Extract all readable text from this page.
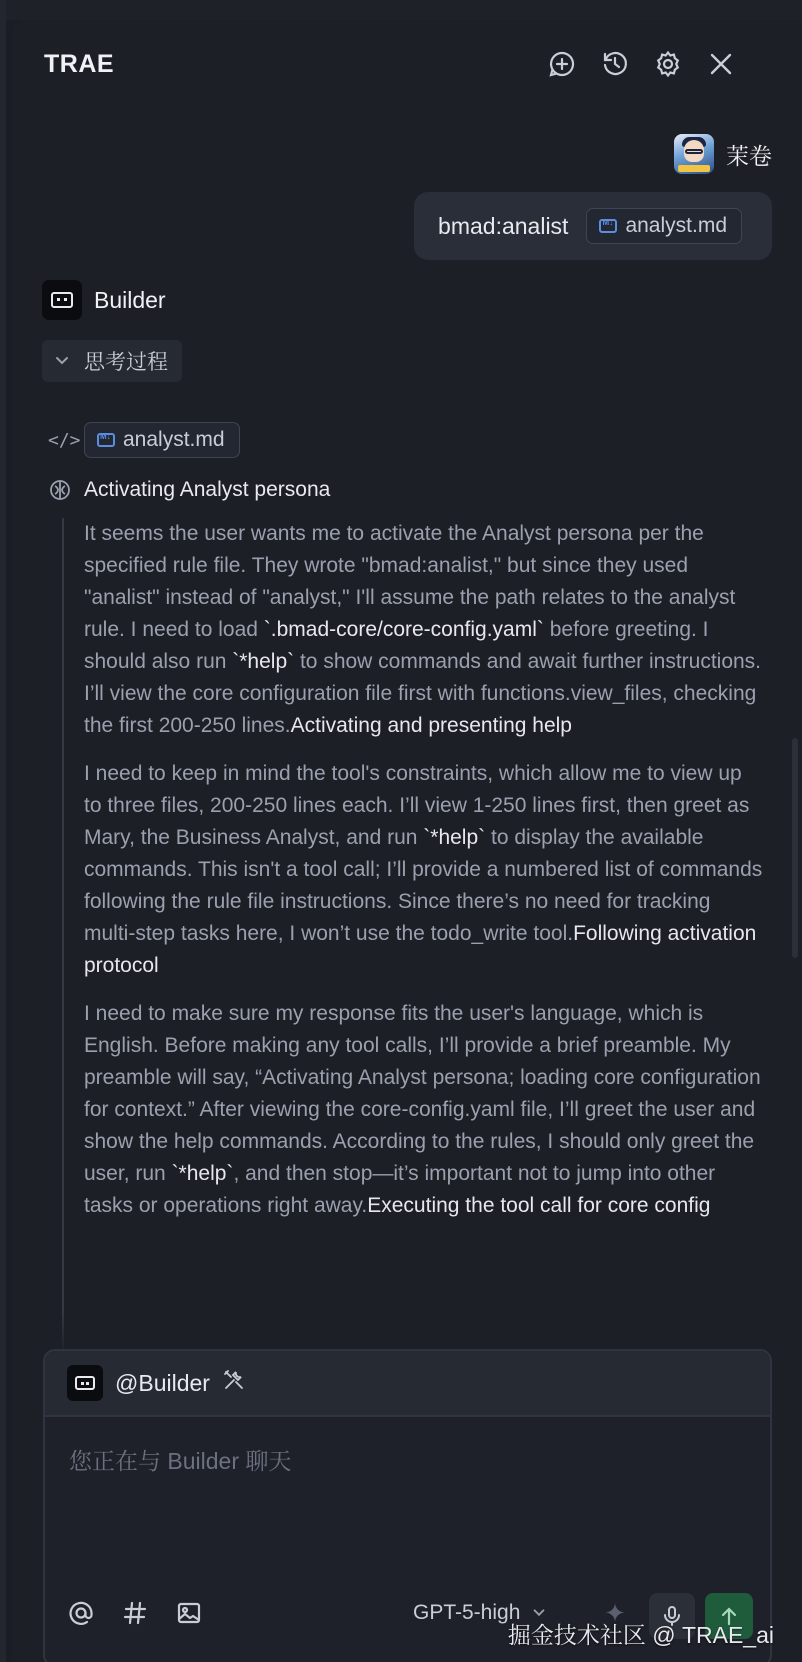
TRAE
茉卷
bmad:analist M↓	analyst.md
Builder
思考过程
</> M↓ analyst.md
Activating Analyst persona

It seems the user wants me to activate the Analyst persona per the specified rule file. They wrote "bmad:analist," but since they used "analist" instead of "analyst," I'll assume the path relates to the analyst rule. I need to load `.bmad-core/core-config.yaml` before greeting. I should also run `*help` to show commands and await further instructions. I’ll view the core configuration file first with functions.view_files, checking the first 200-250 lines.Activating and presenting help

I need to keep in mind the tool's constraints, which allow me to view up to three files, 200-250 lines each. I’ll view 1-250 lines first, then greet as Mary, the Business Analyst, and run `*help` to display the available commands. This isn't a tool call; I’ll provide a numbered list of commands following the rule file instructions. Since there’s no need for tracking multi-step tasks here, I won’t use the todo_write tool.Following activation protocol

I need to make sure my response fits the user's language, which is English. Before making any tool calls, I’ll provide a brief preamble. My preamble will say, “Activating Analyst persona; loading core configuration for context.” After viewing the core-config.yaml file, I’ll greet the user and show the help commands. According to the rules, I should only greet the user, run `*help`, and then stop—it’s important not to jump into other tasks or operations right away.Executing the tool call for core config

@Builder
您正在与 Builder 聊天
GPT-5-high	✦
掘金技术社区 @ TRAE_ai
